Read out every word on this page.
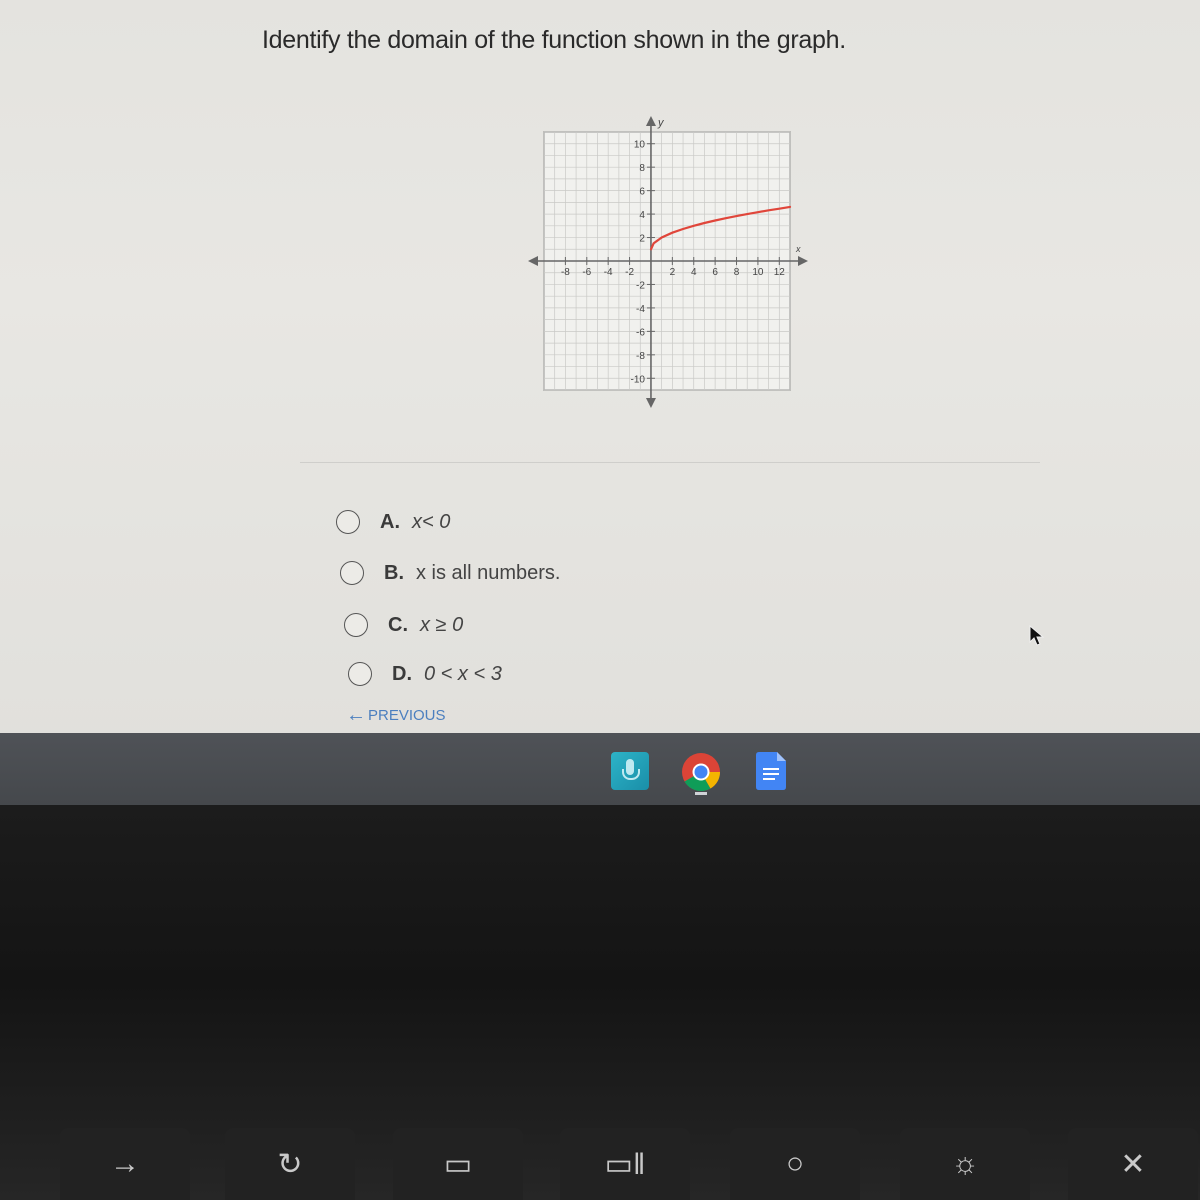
Identify the domain of the function shown in the graph.
x
y
-8 -6 -4 -2	2 4 6 8 10 12
10
8
6
4
2
-2
-4
-6
-8
-10
A. x< 0
B. x is all numbers.
C. x ≥ 0
D. 0 < x < 3
← PREVIOUS
→	↻	▭	▭‖	○	☼	✕
